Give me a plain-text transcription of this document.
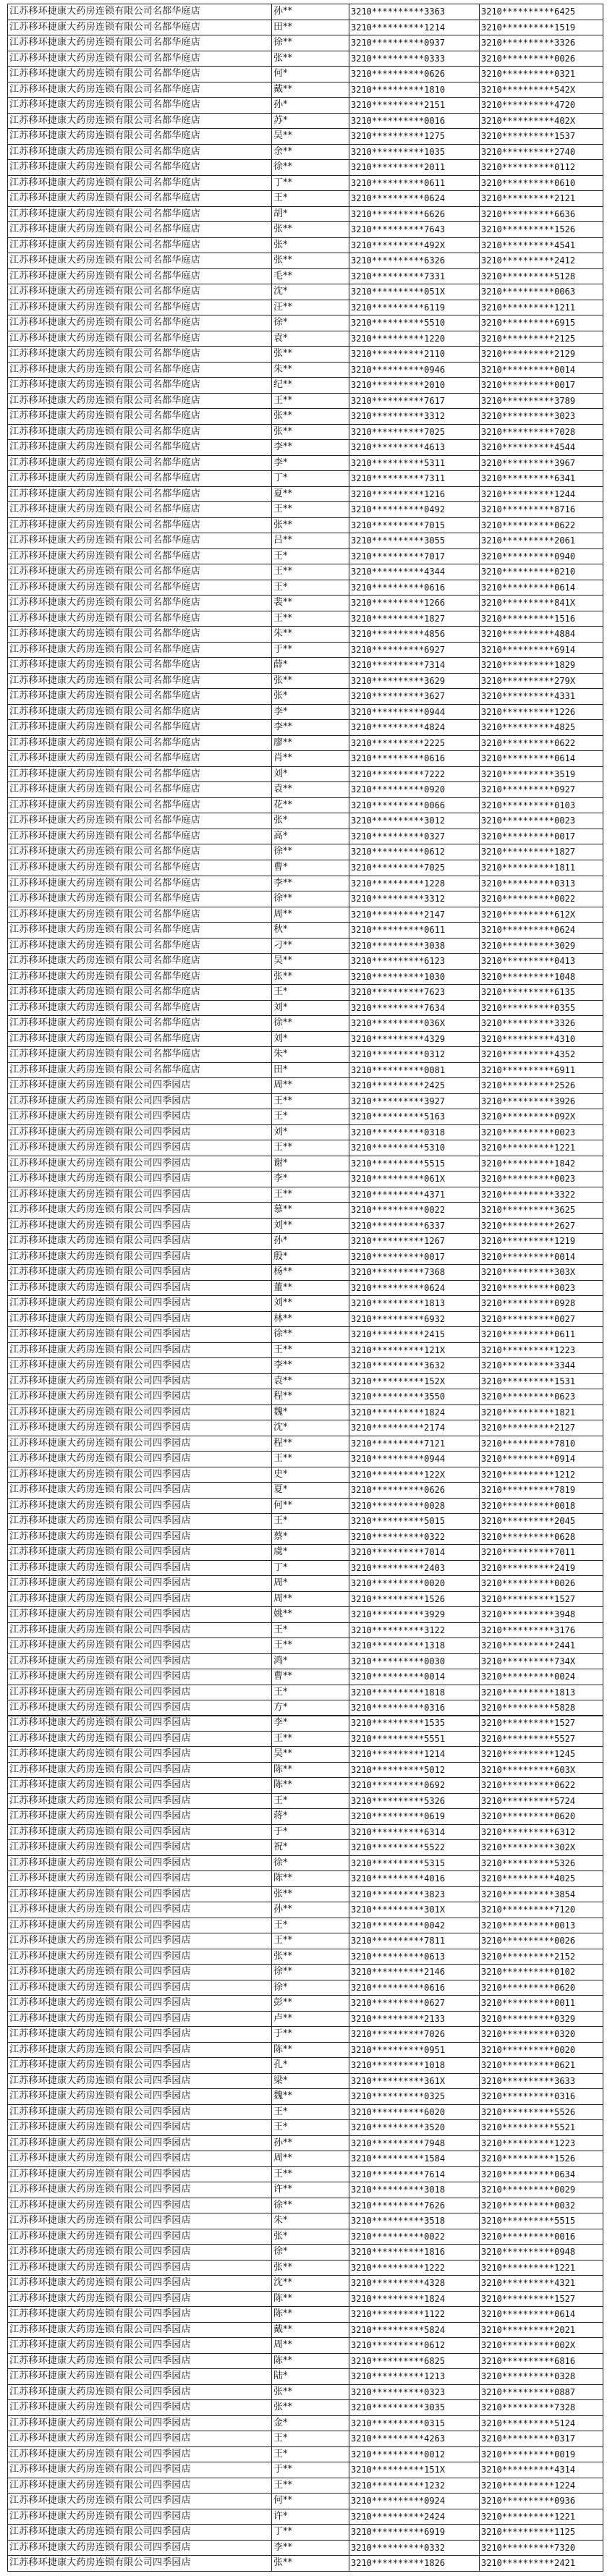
江苏移环捷康大药房连锁有限公司名都华庭店	孙**	3210**********3363	3210**********6425
江苏移环捷康大药房连锁有限公司名都华庭店	田**	3210**********1214	3210**********1519
江苏移环捷康大药房连锁有限公司名都华庭店	徐**	3210**********0937	3210**********3326
江苏移环捷康大药房连锁有限公司名都华庭店	张**	3210**********0333	3210**********0026
江苏移环捷康大药房连锁有限公司名都华庭店	何*	3210**********0626	3210**********0321
江苏移环捷康大药房连锁有限公司名都华庭店	戴**	3210**********1810	3210**********542X
江苏移环捷康大药房连锁有限公司名都华庭店	孙*	3210**********2151	3210**********4720
江苏移环捷康大药房连锁有限公司名都华庭店	苏*	3210**********0016	3210**********402X
江苏移环捷康大药房连锁有限公司名都华庭店	吴**	3210**********1275	3210**********1537
江苏移环捷康大药房连锁有限公司名都华庭店	余**	3210**********1035	3210**********2740
江苏移环捷康大药房连锁有限公司名都华庭店	徐**	3210**********2011	3210**********0112
江苏移环捷康大药房连锁有限公司名都华庭店	丁**	3210**********0611	3210**********0610
江苏移环捷康大药房连锁有限公司名都华庭店	王*	3210**********0624	3210**********2121
江苏移环捷康大药房连锁有限公司名都华庭店	胡*	3210**********6626	3210**********6636
江苏移环捷康大药房连锁有限公司名都华庭店	张**	3210**********7643	3210**********1526
江苏移环捷康大药房连锁有限公司名都华庭店	张*	3210**********492X	3210**********4541
江苏移环捷康大药房连锁有限公司名都华庭店	张**	3210**********6326	3210**********2412
江苏移环捷康大药房连锁有限公司名都华庭店	毛**	3210**********7331	3210**********5128
江苏移环捷康大药房连锁有限公司名都华庭店	沈*	3210**********051X	3210**********0063
江苏移环捷康大药房连锁有限公司名都华庭店	汪**	3210**********6119	3210**********1211
江苏移环捷康大药房连锁有限公司名都华庭店	徐*	3210**********5510	3210**********6915
江苏移环捷康大药房连锁有限公司名都华庭店	袁*	3210**********1220	3210**********2125
江苏移环捷康大药房连锁有限公司名都华庭店	张**	3210**********2110	3210**********2129
江苏移环捷康大药房连锁有限公司名都华庭店	朱**	3210**********0946	3210**********0014
江苏移环捷康大药房连锁有限公司名都华庭店	纪**	3210**********2010	3210**********0017
江苏移环捷康大药房连锁有限公司名都华庭店	王**	3210**********7617	3210**********3789
江苏移环捷康大药房连锁有限公司名都华庭店	张**	3210**********3312	3210**********3023
江苏移环捷康大药房连锁有限公司名都华庭店	张**	3210**********7025	3210**********7028
江苏移环捷康大药房连锁有限公司名都华庭店	李**	3210**********4613	3210**********4544
江苏移环捷康大药房连锁有限公司名都华庭店	李*	3210**********5311	3210**********3967
江苏移环捷康大药房连锁有限公司名都华庭店	丁*	3210**********7311	3210**********6341
江苏移环捷康大药房连锁有限公司名都华庭店	夏**	3210**********1216	3210**********1244
江苏移环捷康大药房连锁有限公司名都华庭店	王**	3210**********0492	3210**********8716
江苏移环捷康大药房连锁有限公司名都华庭店	张**	3210**********7015	3210**********0622
江苏移环捷康大药房连锁有限公司名都华庭店	吕**	3210**********3055	3210**********2061
江苏移环捷康大药房连锁有限公司名都华庭店	王*	3210**********7017	3210**********0940
江苏移环捷康大药房连锁有限公司名都华庭店	王**	3210**********4344	3210**********0210
江苏移环捷康大药房连锁有限公司名都华庭店	王*	3210**********0616	3210**********0614
江苏移环捷康大药房连锁有限公司名都华庭店	裴**	3210**********1266	3210**********841X
江苏移环捷康大药房连锁有限公司名都华庭店	王**	3210**********1827	3210**********1516
江苏移环捷康大药房连锁有限公司名都华庭店	朱**	3210**********4856	3210**********4884
江苏移环捷康大药房连锁有限公司名都华庭店	于**	3210**********6927	3210**********6914
江苏移环捷康大药房连锁有限公司名都华庭店	薛*	3210**********7314	3210**********1829
江苏移环捷康大药房连锁有限公司名都华庭店	张**	3210**********3629	3210**********279X
江苏移环捷康大药房连锁有限公司名都华庭店	张*	3210**********3627	3210**********4331
江苏移环捷康大药房连锁有限公司名都华庭店	李*	3210**********0944	3210**********1226
江苏移环捷康大药房连锁有限公司名都华庭店	李**	3210**********4824	3210**********4825
江苏移环捷康大药房连锁有限公司名都华庭店	廖**	3210**********2225	3210**********0622
江苏移环捷康大药房连锁有限公司名都华庭店	肖**	3210**********0616	3210**********0614
江苏移环捷康大药房连锁有限公司名都华庭店	刘*	3210**********7222	3210**********3519
江苏移环捷康大药房连锁有限公司名都华庭店	袁**	3210**********0920	3210**********0927
江苏移环捷康大药房连锁有限公司名都华庭店	花**	3210**********0066	3210**********0103
江苏移环捷康大药房连锁有限公司名都华庭店	张*	3210**********3012	3210**********0023
江苏移环捷康大药房连锁有限公司名都华庭店	高*	3210**********0327	3210**********0017
江苏移环捷康大药房连锁有限公司名都华庭店	徐**	3210**********0612	3210**********1827
江苏移环捷康大药房连锁有限公司名都华庭店	曹*	3210**********7025	3210**********1811
江苏移环捷康大药房连锁有限公司名都华庭店	李**	3210**********1228	3210**********0313
江苏移环捷康大药房连锁有限公司名都华庭店	徐**	3210**********3312	3210**********0022
江苏移环捷康大药房连锁有限公司名都华庭店	周**	3210**********2147	3210**********612X
江苏移环捷康大药房连锁有限公司名都华庭店	秋*	3210**********0611	3210**********0624
江苏移环捷康大药房连锁有限公司名都华庭店	刁**	3210**********3038	3210**********3029
江苏移环捷康大药房连锁有限公司名都华庭店	吴**	3210**********6123	3210**********0413
江苏移环捷康大药房连锁有限公司名都华庭店	张**	3210**********1030	3210**********1048
江苏移环捷康大药房连锁有限公司名都华庭店	王*	3210**********7623	3210**********6135
江苏移环捷康大药房连锁有限公司名都华庭店	刘*	3210**********7634	3210**********0355
江苏移环捷康大药房连锁有限公司名都华庭店	徐**	3210**********036X	3210**********3326
江苏移环捷康大药房连锁有限公司名都华庭店	刘*	3210**********4329	3210**********4310
江苏移环捷康大药房连锁有限公司名都华庭店	朱*	3210**********0312	3210**********4352
江苏移环捷康大药房连锁有限公司名都华庭店	田*	3210**********0081	3210**********6911
江苏移环捷康大药房连锁有限公司四季园店	周**	3210**********2425	3210**********2526
江苏移环捷康大药房连锁有限公司四季园店	王**	3210**********3927	3210**********3926
江苏移环捷康大药房连锁有限公司四季园店	王*	3210**********5163	3210**********092X
江苏移环捷康大药房连锁有限公司四季园店	刘*	3210**********0318	3210**********0023
江苏移环捷康大药房连锁有限公司四季园店	王**	3210**********5310	3210**********1221
江苏移环捷康大药房连锁有限公司四季园店	谢*	3210**********5515	3210**********1842
江苏移环捷康大药房连锁有限公司四季园店	李*	3210**********061X	3210**********0023
江苏移环捷康大药房连锁有限公司四季园店	王**	3210**********4371	3210**********3322
江苏移环捷康大药房连锁有限公司四季园店	慕**	3210**********0022	3210**********3625
江苏移环捷康大药房连锁有限公司四季园店	刘**	3210**********6337	3210**********2627
江苏移环捷康大药房连锁有限公司四季园店	孙*	3210**********1267	3210**********1219
江苏移环捷康大药房连锁有限公司四季园店	殷*	3210**********0017	3210**********0014
江苏移环捷康大药房连锁有限公司四季园店	杨**	3210**********7368	3210**********303X
江苏移环捷康大药房连锁有限公司四季园店	董**	3210**********0624	3210**********0023
江苏移环捷康大药房连锁有限公司四季园店	刘**	3210**********1813	3210**********0928
江苏移环捷康大药房连锁有限公司四季园店	林**	3210**********6932	3210**********0027
江苏移环捷康大药房连锁有限公司四季园店	徐**	3210**********2415	3210**********0611
江苏移环捷康大药房连锁有限公司四季园店	王**	3210**********121X	3210**********1223
江苏移环捷康大药房连锁有限公司四季园店	李**	3210**********3632	3210**********3344
江苏移环捷康大药房连锁有限公司四季园店	袁**	3210**********152X	3210**********1531
江苏移环捷康大药房连锁有限公司四季园店	程**	3210**********3550	3210**********0623
江苏移环捷康大药房连锁有限公司四季园店	魏*	3210**********1824	3210**********1821
江苏移环捷康大药房连锁有限公司四季园店	沈*	3210**********2174	3210**********2127
江苏移环捷康大药房连锁有限公司四季园店	程**	3210**********7121	3210**********7810
江苏移环捷康大药房连锁有限公司四季园店	王**	3210**********0944	3210**********0914
江苏移环捷康大药房连锁有限公司四季园店	史*	3210**********122X	3210**********1212
江苏移环捷康大药房连锁有限公司四季园店	夏*	3210**********0626	3210**********7819
江苏移环捷康大药房连锁有限公司四季园店	何**	3210**********0028	3210**********0018
江苏移环捷康大药房连锁有限公司四季园店	王*	3210**********5015	3210**********2045
江苏移环捷康大药房连锁有限公司四季园店	蔡*	3210**********0322	3210**********0628
江苏移环捷康大药房连锁有限公司四季园店	虞*	3210**********7014	3210**********7011
江苏移环捷康大药房连锁有限公司四季园店	丁*	3210**********2403	3210**********2419
江苏移环捷康大药房连锁有限公司四季园店	周*	3210**********0020	3210**********0026
江苏移环捷康大药房连锁有限公司四季园店	周**	3210**********1526	3210**********1527
江苏移环捷康大药房连锁有限公司四季园店	姚**	3210**********3929	3210**********3948
江苏移环捷康大药房连锁有限公司四季园店	王*	3210**********3122	3210**********3176
江苏移环捷康大药房连锁有限公司四季园店	王**	3210**********1318	3210**********2441
江苏移环捷康大药房连锁有限公司四季园店	鸿*	3210**********0030	3210**********734X
江苏移环捷康大药房连锁有限公司四季园店	曹**	3210**********0014	3210**********0024
江苏移环捷康大药房连锁有限公司四季园店	王*	3210**********1818	3210**********1813
江苏移环捷康大药房连锁有限公司四季园店	方*	3210**********0316	3210**********5828
江苏移环捷康大药房连锁有限公司四季园店	李*	3210**********1535	3210**********1527
江苏移环捷康大药房连锁有限公司四季园店	王**	3210**********5551	3210**********5527
江苏移环捷康大药房连锁有限公司四季园店	吴**	3210**********1214	3210**********1245
江苏移环捷康大药房连锁有限公司四季园店	陈**	3210**********5012	3210**********603X
江苏移环捷康大药房连锁有限公司四季园店	陈**	3210**********0692	3210**********0622
江苏移环捷康大药房连锁有限公司四季园店	王*	3210**********5326	3210**********5724
江苏移环捷康大药房连锁有限公司四季园店	蒋*	3210**********0619	3210**********0620
江苏移环捷康大药房连锁有限公司四季园店	于*	3210**********6314	3210**********6312
江苏移环捷康大药房连锁有限公司四季园店	祝*	3210**********5522	3210**********302X
江苏移环捷康大药房连锁有限公司四季园店	徐*	3210**********5315	3210**********5326
江苏移环捷康大药房连锁有限公司四季园店	陈**	3210**********4016	3210**********4025
江苏移环捷康大药房连锁有限公司四季园店	张**	3210**********3823	3210**********3854
江苏移环捷康大药房连锁有限公司四季园店	孙**	3210**********301X	3210**********7120
江苏移环捷康大药房连锁有限公司四季园店	王*	3210**********0042	3210**********0013
江苏移环捷康大药房连锁有限公司四季园店	王**	3210**********7811	3210**********0026
江苏移环捷康大药房连锁有限公司四季园店	张**	3210**********0613	3210**********2152
江苏移环捷康大药房连锁有限公司四季园店	徐**	3210**********2146	3210**********0102
江苏移环捷康大药房连锁有限公司四季园店	徐*	3210**********0616	3210**********0620
江苏移环捷康大药房连锁有限公司四季园店	彭**	3210**********0627	3210**********0011
江苏移环捷康大药房连锁有限公司四季园店	卢**	3210**********2133	3210**********0329
江苏移环捷康大药房连锁有限公司四季园店	于**	3210**********7026	3210**********0320
江苏移环捷康大药房连锁有限公司四季园店	陈**	3210**********0951	3210**********0020
江苏移环捷康大药房连锁有限公司四季园店	孔*	3210**********1018	3210**********0621
江苏移环捷康大药房连锁有限公司四季园店	梁*	3210**********361X	3210**********3633
江苏移环捷康大药房连锁有限公司四季园店	魏**	3210**********0325	3210**********0316
江苏移环捷康大药房连锁有限公司四季园店	王*	3210**********6020	3210**********5526
江苏移环捷康大药房连锁有限公司四季园店	王*	3210**********3520	3210**********5521
江苏移环捷康大药房连锁有限公司四季园店	孙**	3210**********7948	3210**********1223
江苏移环捷康大药房连锁有限公司四季园店	周**	3210**********1584	3210**********1526
江苏移环捷康大药房连锁有限公司四季园店	王**	3210**********7614	3210**********0634
江苏移环捷康大药房连锁有限公司四季园店	许**	3210**********3018	3210**********0029
江苏移环捷康大药房连锁有限公司四季园店	徐**	3210**********7626	3210**********0032
江苏移环捷康大药房连锁有限公司四季园店	朱*	3210**********3518	3210**********5515
江苏移环捷康大药房连锁有限公司四季园店	张*	3210**********0022	3210**********0016
江苏移环捷康大药房连锁有限公司四季园店	徐*	3210**********1816	3210**********0948
江苏移环捷康大药房连锁有限公司四季园店	张**	3210**********1222	3210**********1221
江苏移环捷康大药房连锁有限公司四季园店	沈**	3210**********4328	3210**********4321
江苏移环捷康大药房连锁有限公司四季园店	陈**	3210**********1824	3210**********1527
江苏移环捷康大药房连锁有限公司四季园店	陈**	3210**********1122	3210**********0614
江苏移环捷康大药房连锁有限公司四季园店	戴**	3210**********5824	3210**********2021
江苏移环捷康大药房连锁有限公司四季园店	周**	3210**********0612	3210**********002X
江苏移环捷康大药房连锁有限公司四季园店	陈**	3210**********6825	3210**********6816
江苏移环捷康大药房连锁有限公司四季园店	陆*	3210**********1213	3210**********0328
江苏移环捷康大药房连锁有限公司四季园店	张**	3210**********0323	3210**********0887
江苏移环捷康大药房连锁有限公司四季园店	张**	3210**********3035	3210**********7328
江苏移环捷康大药房连锁有限公司四季园店	金*	3210**********0315	3210**********5124
江苏移环捷康大药房连锁有限公司四季园店	王*	3210**********4263	3210**********0317
江苏移环捷康大药房连锁有限公司四季园店	王*	3210**********0012	3210**********0019
江苏移环捷康大药房连锁有限公司四季园店	于**	3210**********151X	3210**********4314
江苏移环捷康大药房连锁有限公司四季园店	王**	3210**********1232	3210**********1224
江苏移环捷康大药房连锁有限公司四季园店	何**	3210**********0924	3210**********0936
江苏移环捷康大药房连锁有限公司四季园店	许*	3210**********2424	3210**********1221
江苏移环捷康大药房连锁有限公司四季园店	丁**	3210**********6919	3210**********1125
江苏移环捷康大药房连锁有限公司四季园店	李**	3210**********0332	3210**********7320
江苏移环捷康大药房连锁有限公司四季园店	张**	3210**********1826	3210**********2421
